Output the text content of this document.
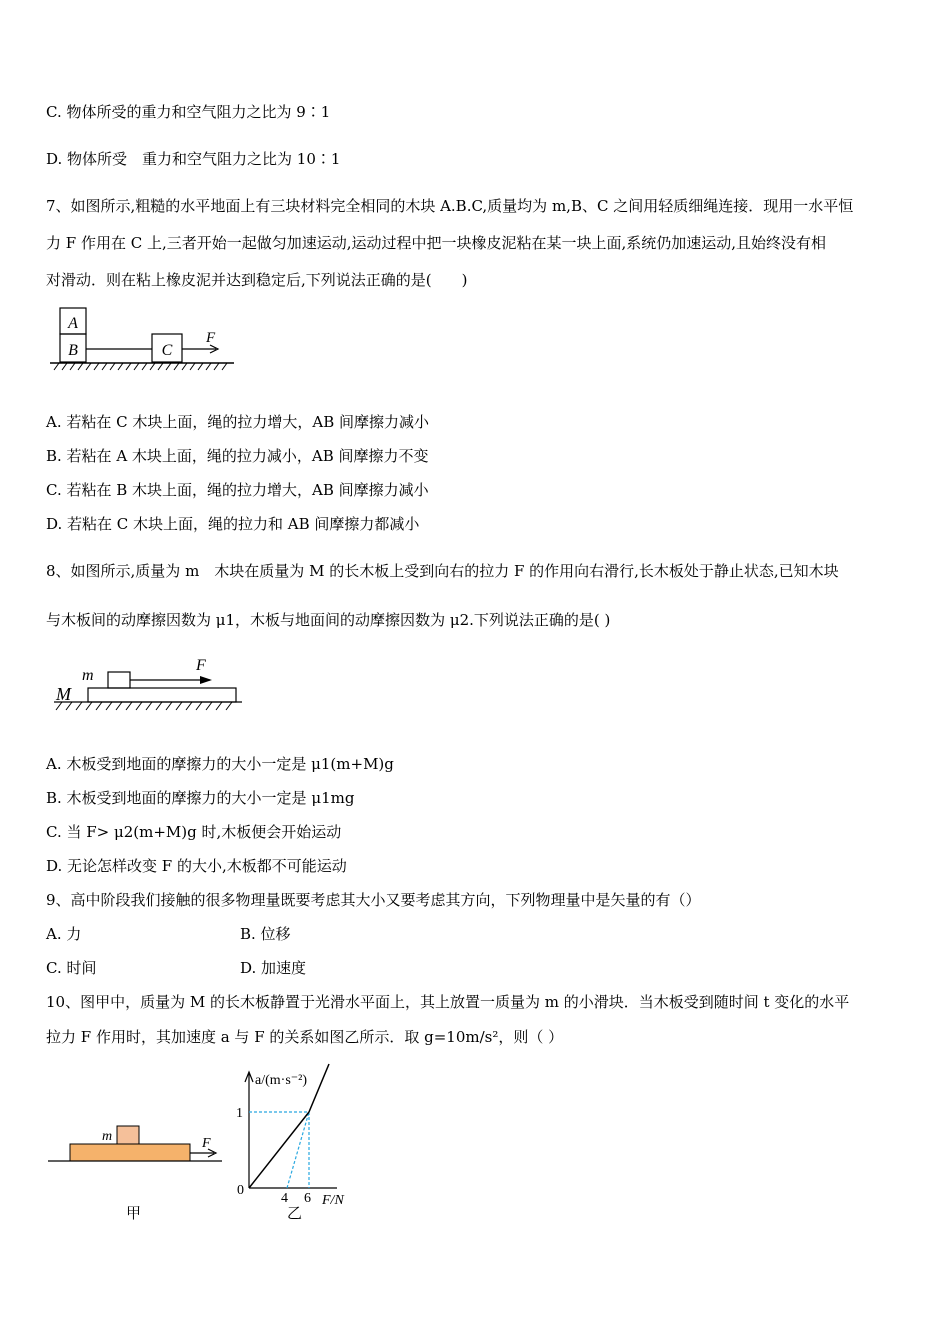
C. 物体所受的重力和空气阻力之比为 9∶1
D. 物体所受　重力和空气阻力之比为 10∶1
7、如图所示,粗糙的水平地面上有三块材料完全相同的木块 A.B.C,质量均为 m,B、C 之间用轻质细绳连接．现用一水平恒
力 F 作用在 C 上,三者开始一起做匀加速运动,运动过程中把一块橡皮泥粘在某一块上面,系统仍加速运动,且始终没有相
对滑动．则在粘上橡皮泥并达到稳定后,下列说法正确的是(　　)
A
B	C
F
A. 若粘在 C 木块上面，绳的拉力增大，AB 间摩擦力减小
B. 若粘在 A 木块上面，绳的拉力减小，AB 间摩擦力不变
C. 若粘在 B 木块上面，绳的拉力增大，AB 间摩擦力减小
D. 若粘在 C 木块上面，绳的拉力和 AB 间摩擦力都减小
8、如图所示,质量为 m　木块在质量为 M 的长木板上受到向右的拉力 F 的作用向右滑行,长木板处于静止状态,已知木块
与木板间的动摩擦因数为 μ1，木板与地面间的动摩擦因数为 μ2.下列说法正确的是( )
m
M
F
A. 木板受到地面的摩擦力的大小一定是 μ1(m+M)g
B. 木板受到地面的摩擦力的大小一定是 μ1mg
C. 当 F> μ2(m+M)g 时,木板便会开始运动
D. 无论怎样改变 F 的大小,木板都不可能运动
9、高中阶段我们接触的很多物理量既要考虑其大小又要考虑其方向，下列物理量中是矢量的有（）
A. 力	B. 位移
C. 时间	D. 加速度
10、图甲中，质量为 M 的长木板静置于光滑水平面上，其上放置一质量为 m 的小滑块．当木板受到随时间 t 变化的水平
拉力 F 作用时，其加速度 a 与 F 的关系如图乙所示．取 g=10m/s²，则（ ）
m	F
甲
a/(m·s⁻²)
F/N
0
1
4 6
乙
